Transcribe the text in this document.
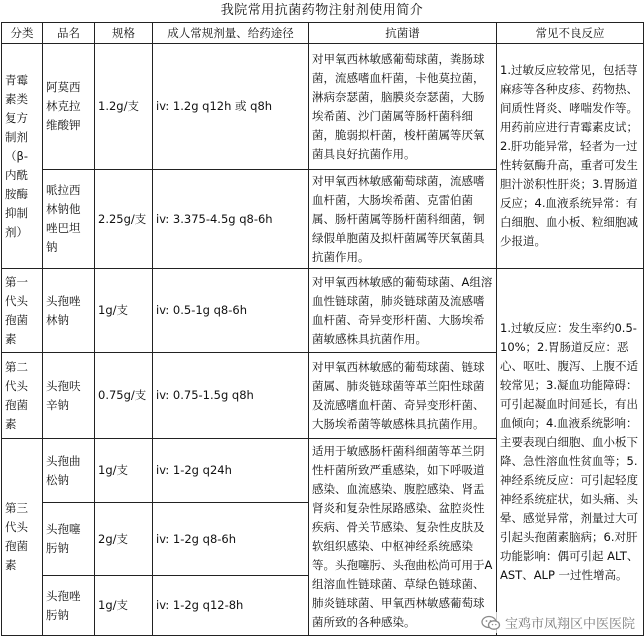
我院常用抗菌药物注射剂使用简介
分类	品名	规格	成人常规剂量、给药途径	抗菌谱	常见不良反应
青霉素类复方制剂（β-内酰胺酶抑制剂）	阿莫西林克拉维酸钾	1.2g/支	iv: 1.2g q12h 或 q8h	对甲氧西林敏感葡萄球菌，粪肠球菌，流感嗜血杆菌，卡他莫拉菌，淋病奈瑟菌，脑膜炎奈瑟菌，大肠埃希菌、沙门菌属等肠杆菌科细菌，脆弱拟杆菌，梭杆菌属等厌氧菌具良好抗菌作用。	1.过敏反应较常见，包括荨麻疹等各种皮疹、药物热、间质性肾炎、哮喘发作等。用药前应进行青霉素皮试；2.肝功能异常，轻者为一过性转氨酶升高，重者可发生胆汁淤积性肝炎；3.胃肠道反应；4.血液系统异常：有白细胞、血小板、粒细胞减少报道。
	哌拉西林钠他唑巴坦钠	2.25g/支	iv: 3.375-4.5g q8-6h	对甲氧西林敏感葡萄球菌，流感嗜血杆菌，大肠埃希菌、克雷伯菌属、肠杆菌属等肠杆菌科细菌，铜绿假单胞菌及拟杆菌属等厌氧菌具抗菌作用。	
第一代头孢菌素	头孢唑林钠	1g/支	iv: 0.5-1g q8-6h	对甲氧西林敏感的葡萄球菌、A组溶血性链球菌，肺炎链球菌及流感嗜血杆菌、奇异变形杆菌、大肠埃希菌敏感株具抗菌作用。	1.过敏反应：发生率约0.5-10%；2.胃肠道反应：恶心、呕吐、腹泻、上腹不适较常见；3.凝血功能障碍：可引起凝血时间延长，有出血倾向；4.血液系统影响：主要表现白细胞、血小板下降、急性溶血性贫血等；5.神经系统反应：可引起轻度神经系统症状，如头痛、头晕、感觉异常，剂量过大可引起头孢菌素脑病；6.对肝功能影响：偶可引起 ALT、AST、ALP 一过性增高。
第二代头孢菌素	头孢呋辛钠	0.75g/支	iv: 0.75-1.5g q8h	对甲氧西林敏感的葡萄球菌、链球菌属、肺炎链球菌等革兰阳性球菌及流感嗜血杆菌、奇异变形杆菌、大肠埃希菌等敏感株具抗菌作用。	
第三代头孢菌素	头孢曲松钠	1g/支	iv: 1-2g q24h	适用于敏感肠杆菌科细菌等革兰阴性杆菌所致严重感染，如下呼吸道感染、血流感染、腹腔感染、肾盂肾炎和复杂性尿路感染、盆腔炎性疾病、骨关节感染、复杂性皮肤及软组织感染、中枢神经系统感染等。头孢噻肟、头孢曲松尚可用于A组溶血性链球菌、草绿色链球菌、肺炎链球菌、甲氧西林敏感葡萄球菌所致的各种感染。	
	头孢噻肟钠	2g/支	iv: 1-2g q8-6h		
	头孢唑肟钠	1g/支	iv: 1-2g q12-8h		
宝鸡市凤翔区中医医院
